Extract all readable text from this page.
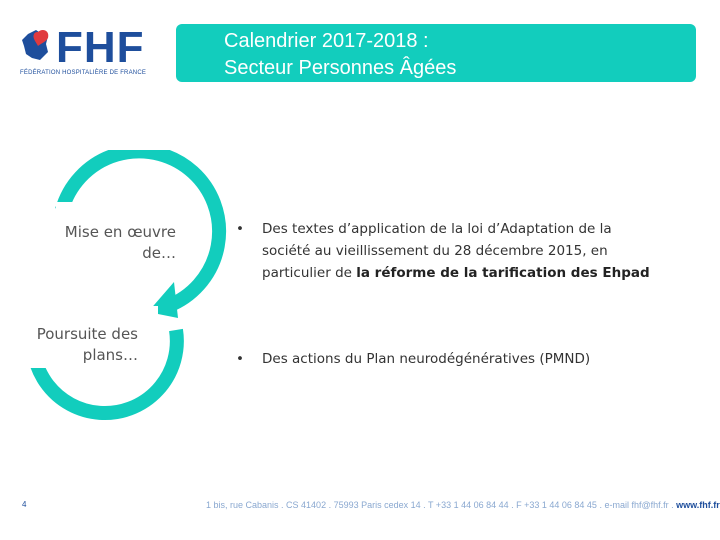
FHF
FÉDÉRATION HOSPITALIÈRE DE FRANCE
Calendrier 2017-2018 :
Secteur Personnes Âgées
Mise en œuvre de…
Poursuite des plans…
• Des textes d’application de la loi d’Adaptation de la société au vieillissement du 28 décembre 2015, en particulier de la réforme de la tarification des Ehpad
• Des actions du Plan neurodégénératives (PMND)
4	1 bis, rue Cabanis . CS 41402 . 75993 Paris cedex 14 . T +33 1 44 06 84 44 . F +33 1 44 06 84 45 . e-mail fhf@fhf.fr . www.fhf.fr
